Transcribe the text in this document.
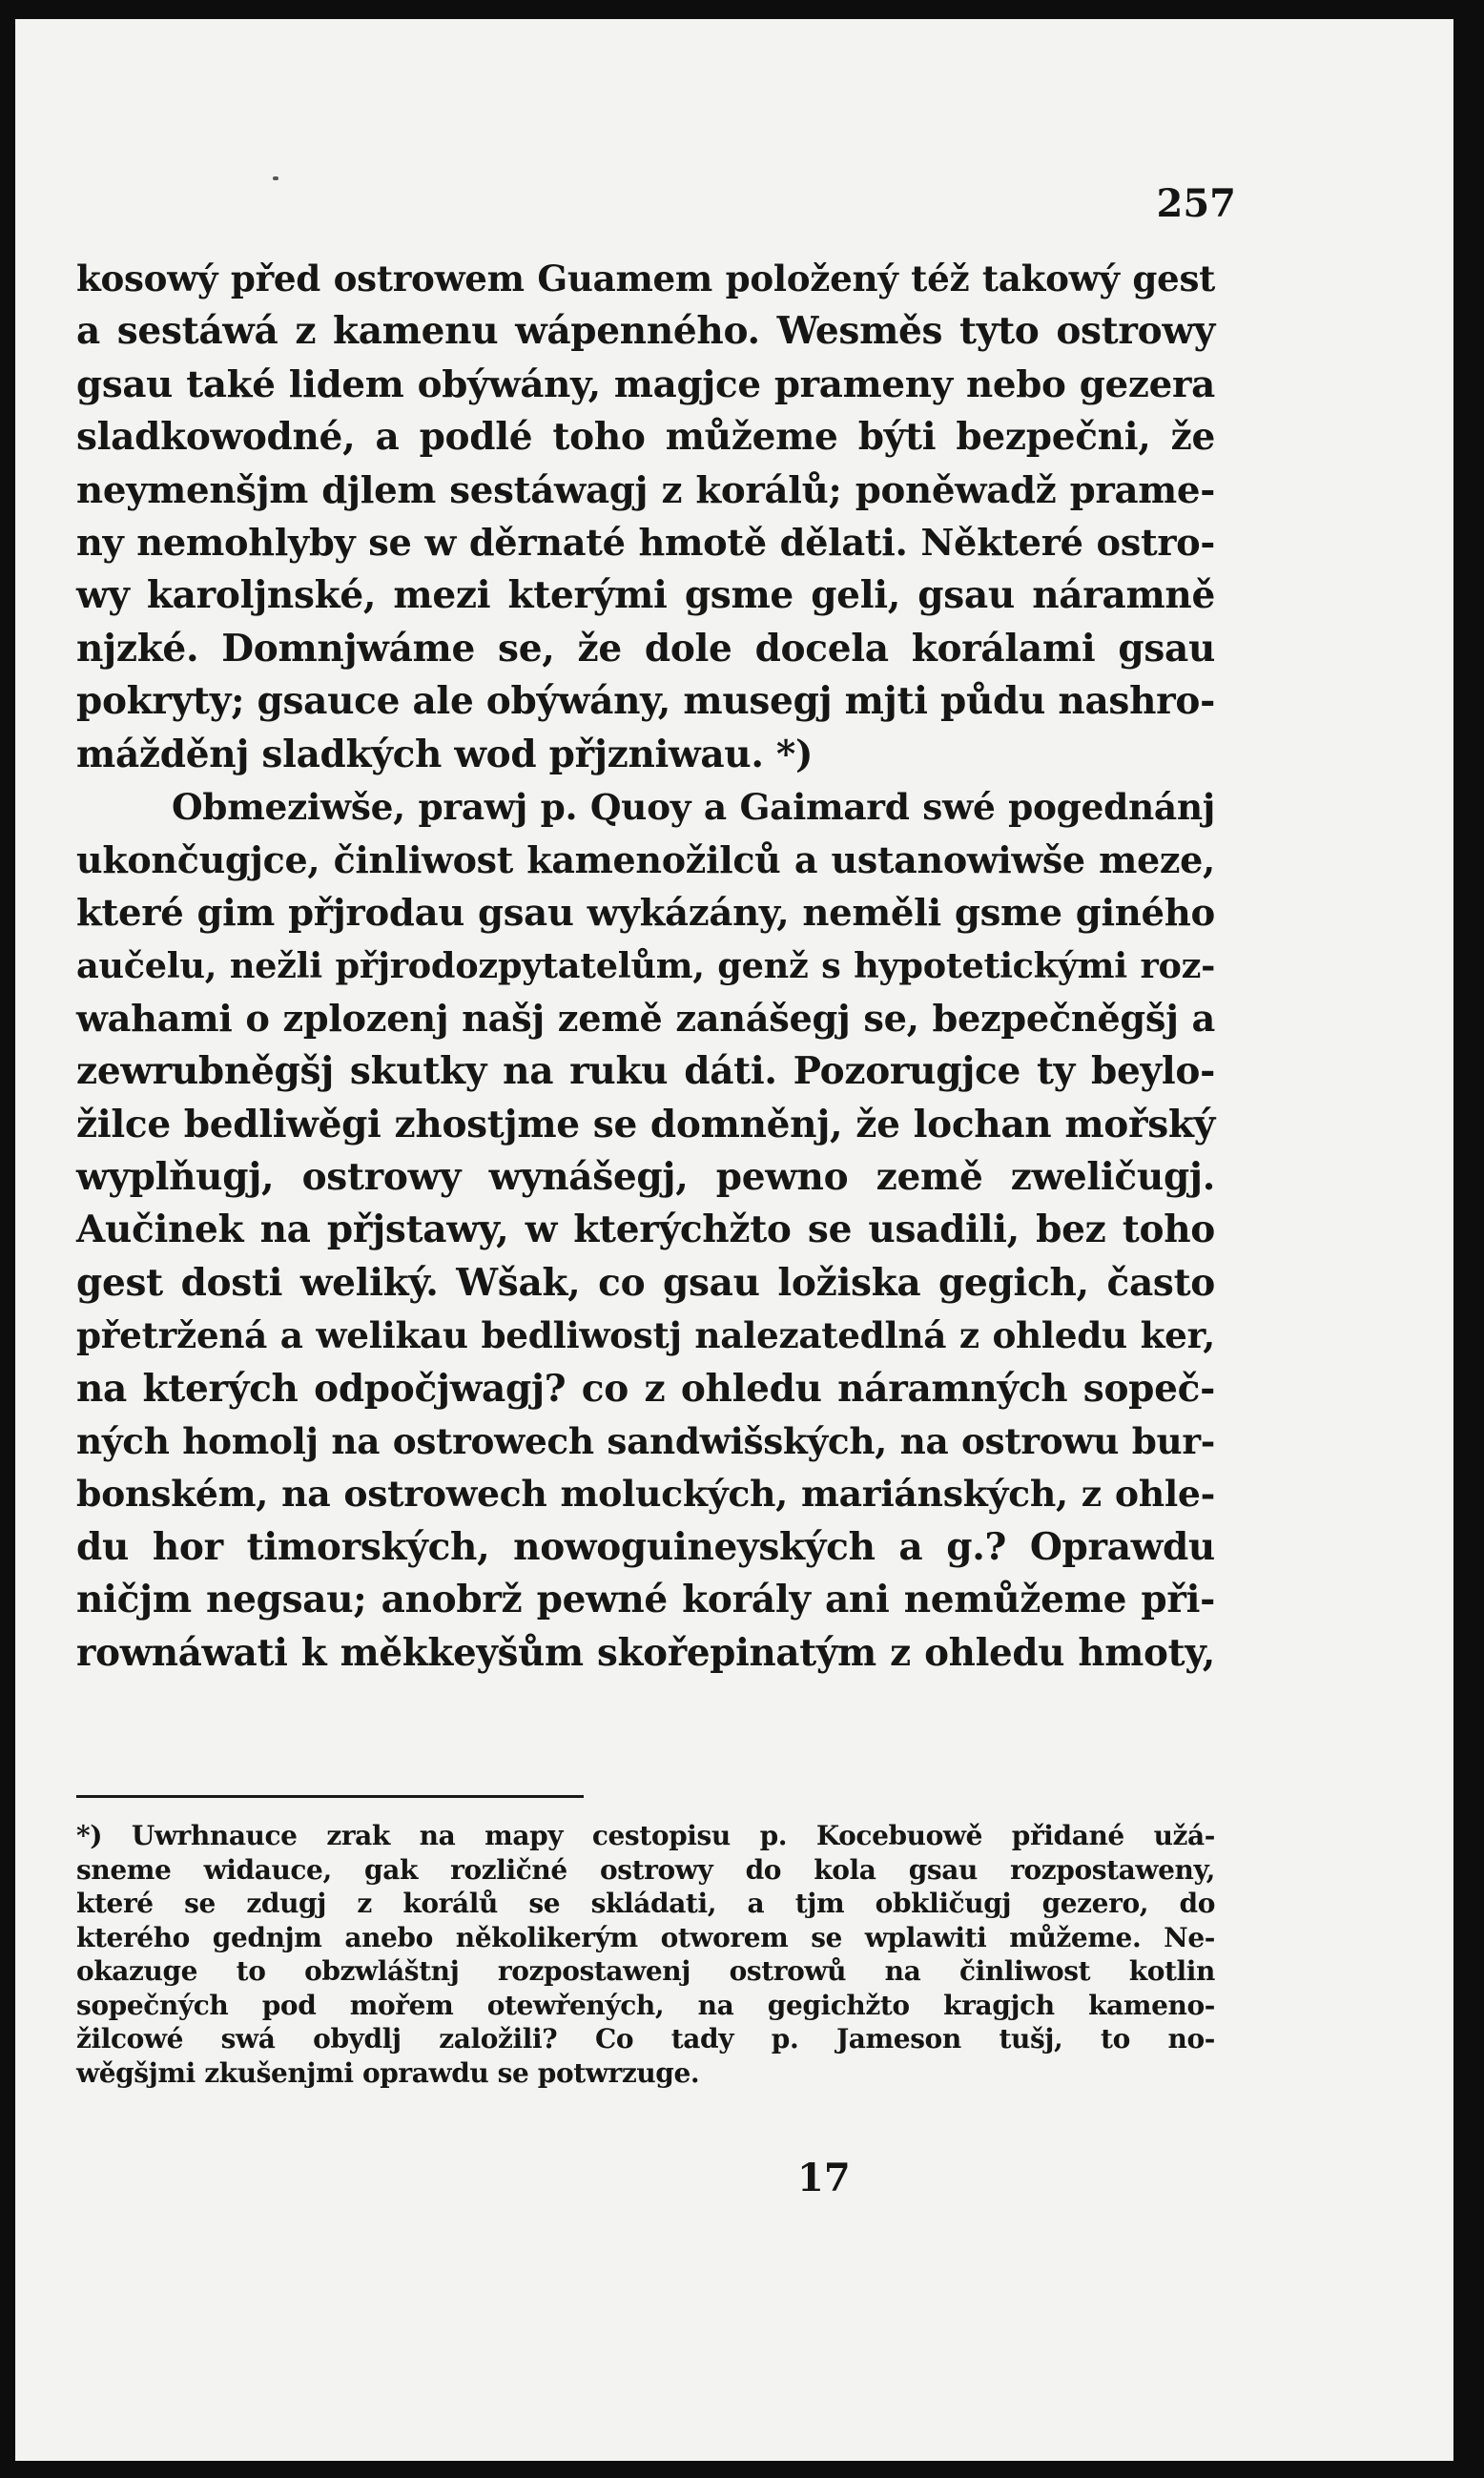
257
kosowý před ostrowem Guamem položený též takowý gest
a sestáwá z kamenu wápenného. Wesměs tyto ostrowy
gsau také lidem obýwány, magjce prameny nebo gezera
sladkowodné, a podlé toho můžeme býti bezpečni, že
neymenšjm djlem sestáwagj z korálů; poněwadž prame-
ny nemohlyby se w děrnaté hmotě dělati. Některé ostro-
wy karoljnské, mezi kterými gsme geli, gsau náramně
njzké. Domnjwáme se, že dole docela korálami gsau
pokryty; gsauce ale obýwány, musegj mjti půdu nashro-
mážděnj sladkých wod přjzniwau. *)
Obmeziwše, prawj p. Quoy a Gaimard swé pogednánj
ukončugjce, činliwost kamenožilců a ustanowiwše meze,
které gim přjrodau gsau wykázány, neměli gsme giného
aučelu, nežli přjrodozpytatelům, genž s hypotetickými roz-
wahami o zplozenj našj země zanášegj se, bezpečněgšj a
zewrubněgšj skutky na ruku dáti. Pozorugjce ty beylo-
žilce bedliwěgi zhostjme se domněnj, že lochan mořský
wyplňugj, ostrowy wynášegj, pewno země zweličugj.
Aučinek na přjstawy, w kterýchžto se usadili, bez toho
gest dosti weliký. Wšak, co gsau ložiska gegich, často
přetržená a welikau bedliwostj nalezatedlná z ohledu ker,
na kterých odpočjwagj? co z ohledu náramných sopeč-
ných homolj na ostrowech sandwišských, na ostrowu bur-
bonském, na ostrowech moluckých, mariánských, z ohle-
du hor timorských, nowoguineyských a g.? Oprawdu
ničjm negsau; anobrž pewné korály ani nemůžeme při-
rownáwati k měkkeyšům skořepinatým z ohledu hmoty,
*) Uwrhnauce zrak na mapy cestopisu p. Kocebuowě přidané užá-
sneme widauce, gak rozličné ostrowy do kola gsau rozpostaweny,
které se zdugj z korálů se skládati, a tjm obkličugj gezero, do
kterého gednjm anebo několikerým otworem se wplawiti můžeme. Ne-
okazuge to obzwláštnj rozpostawenj ostrowů na činliwost kotlin
sopečných pod mořem otewřených, na gegichžto kragjch kameno-
žilcowé swá obydlj založili? Co tady p. Jameson tušj, to no-
wěgšjmi zkušenjmi oprawdu se potwrzuge.
17
